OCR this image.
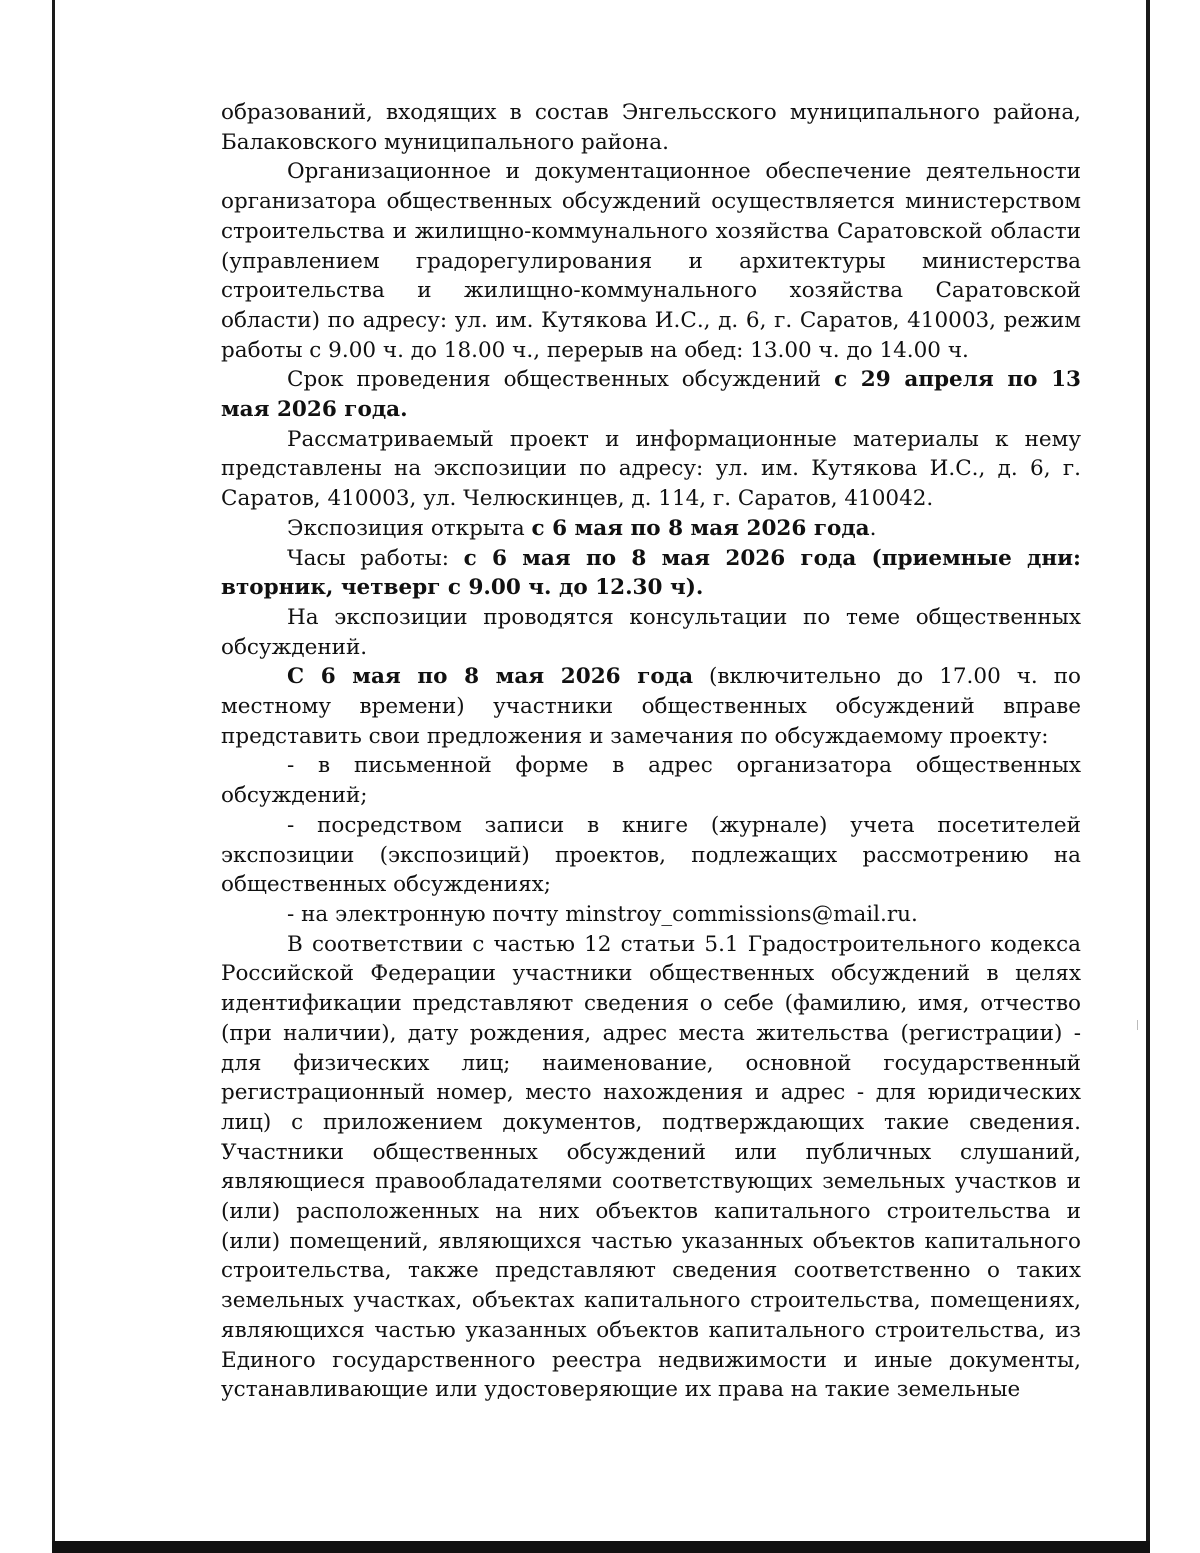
образований, входящих в состав Энгельсского муниципального района, Балаковского муниципального района.

Организационное и документационное обеспечение деятельности организатора общественных обсуждений осуществляется министерством строительства и жилищно-коммунального хозяйства Саратовской области (управлением градорегулирования и архитектуры министерства строительства и жилищно-коммунального хозяйства Саратовской области) по адресу: ул. им. Кутякова И.С., д. 6, г. Саратов, 410003, режим работы с 9.00 ч. до 18.00 ч., перерыв на обед: 13.00 ч. до 14.00 ч.

Срок проведения общественных обсуждений с 29 апреля по 13 мая 2026 года.

Рассматриваемый проект и информационные материалы к нему представлены на экспозиции по адресу: ул. им. Кутякова И.С., д. 6, г. Саратов, 410003, ул. Челюскинцев, д. 114, г. Саратов, 410042.

Экспозиция открыта с 6 мая по 8 мая 2026 года.

Часы работы: с 6 мая по 8 мая 2026 года (приемные дни: вторник, четверг с 9.00 ч. до 12.30 ч).

На экспозиции проводятся консультации по теме общественных обсуждений.

С 6 мая по 8 мая 2026 года (включительно до 17.00 ч. по местному времени) участники общественных обсуждений вправе представить свои предложения и замечания по обсуждаемому проекту:

- в письменной форме в адрес организатора общественных обсуждений;

- посредством записи в книге (журнале) учета посетителей экспозиции (экспозиций) проектов, подлежащих рассмотрению на общественных обсуждениях;

- на электронную почту minstroy_commissions@mail.ru.

В соответствии с частью 12 статьи 5.1 Градостроительного кодекса Российской Федерации участники общественных обсуждений в целях идентификации представляют сведения о себе (фамилию, имя, отчество (при наличии), дату рождения, адрес места жительства (регистрации) - для физических лиц; наименование, основной государственный регистрационный номер, место нахождения и адрес - для юридических лиц) с приложением документов, подтверждающих такие сведения. Участники общественных обсуждений или публичных слушаний, являющиеся правообладателями соответствующих земельных участков и (или) расположенных на них объектов капитального строительства и (или) помещений, являющихся частью указанных объектов капитального строительства, также представляют сведения соответственно о таких земельных участках, объектах капитального строительства, помещениях, являющихся частью указанных объектов капитального строительства, из Единого государственного реестра недвижимости и иные документы, устанавливающие или удостоверяющие их права на такие земельные
